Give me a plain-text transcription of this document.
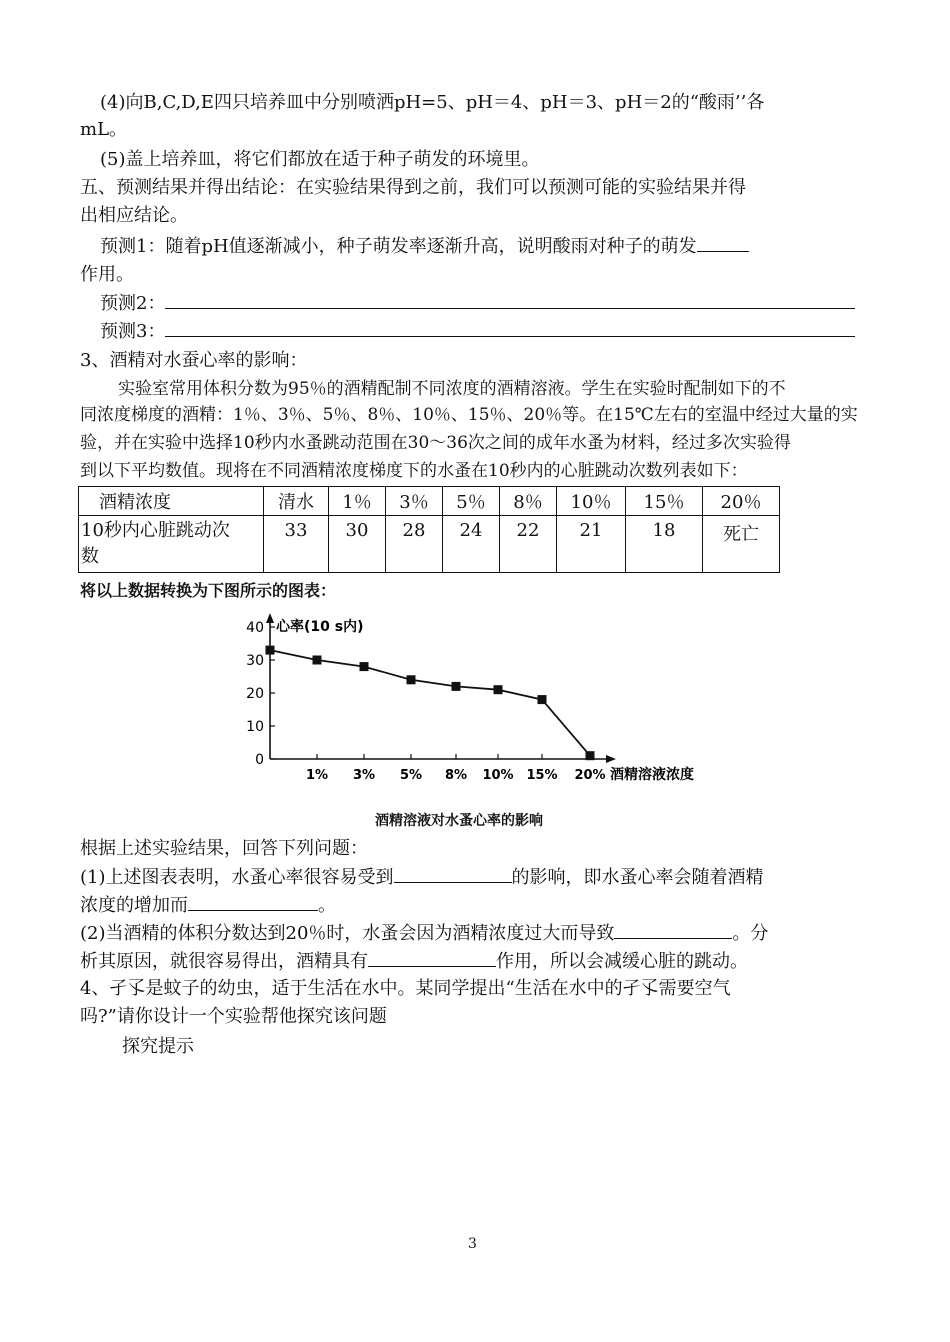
(4)向B,C,D,E四只培养皿中分别喷洒pH=5、pH＝4、pH＝3、pH＝2的“酸雨’’各
mL。
(5)盖上培养皿，将它们都放在适于种子萌发的环境里。
五、预测结果并得出结论：在实验结果得到之前，我们可以预测可能的实验结果并得
出相应结论。
预测1：随着pH值逐渐减小，种子萌发率逐渐升高，说明酸雨对种子的萌发
作用。
预测2：
预测3：
3、酒精对水蚕心率的影响：
实验室常用体积分数为95％的酒精配制不同浓度的酒精溶液。学生在实验时配制如下的不
同浓度梯度的酒精：1％、3％、5％、8％、10％、15％、20％等。在15℃左右的室温中经过大量的实
验，并在实验中选择10秒内水蚤跳动范围在30～36次之间的成年水蚤为材料，经过多次实验得
到以下平均数值。现将在不同酒精浓度梯度下的水蚤在10秒内的心脏跳动次数列表如下：
酒精浓度	清水	1％	3％	5％	8％	10％	15％	20％

10秒内心脏跳动次
数	33	30	28	24	22	21	18	死亡
将以上数据转换为下图所示的图表：
0
10
20
30
40
1% 3% 5% 8% 10% 15% 20%
心率(10 s内)
酒精溶液浓度
酒精溶液对水蚤心率的影响
根据上述实验结果，回答下列问题：
(1)上述图表表明，水蚤心率很容易受到	的影响，即水蚤心率会随着酒精
浓度的增加而	。
(2)当酒精的体积分数达到20％时，水蚤会因为酒精浓度过大而导致	。分
析其原因，就很容易得出，酒精具有	作用，所以会减缓心脏的跳动。
4、孑孓是蚊子的幼虫，适于生活在水中。某同学提出“生活在水中的孑孓需要空气
吗?”请你设计一个实验帮他探究该问题
探究提示
3
